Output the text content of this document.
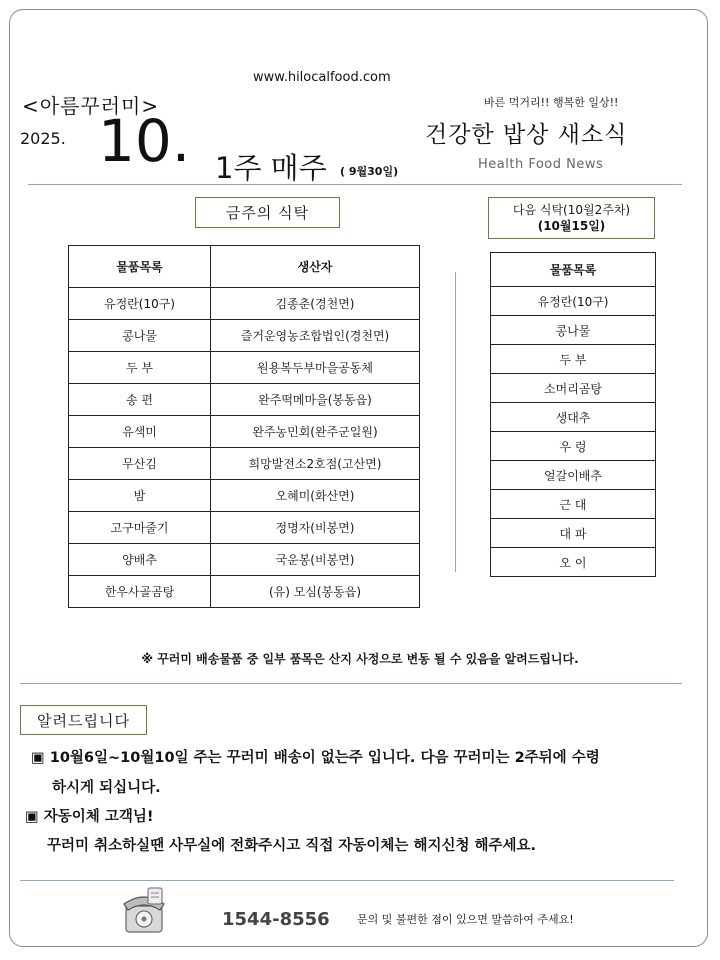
www.hilocalfood.com
<아름꾸러미>
2025. 10. 1주 매주 ( 9월30일)
바른 먹거리!! 행복한 일상!!
건강한 밥상 새소식
Health Food News
금주의 식탁	다음 식탁(10월2주차)
(10월15일)
물품목록	생산자
유정란(10구)	김종춘(경천면)
콩나물	즐거운영농조합법인(경천면)
두 부	원용복두부마을공동체
송 편	완주떡메마을(봉동읍)
유색미	완주농민회(완주군일원)
무산김	희망발전소2호점(고산면)
밤	오혜미(화산면)
고구마줄기	정명자(비봉면)
양배추	국운봉(비봉면)
한우사골곰탕	(유) 모심(봉동읍)
물품목록
유정란(10구)
콩나물
두 부
소머리곰탕
생대추
우 렁
얼갈이배추
근 대
대 파
오 이
※ 꾸러미 배송물품 중 일부 품목은 산지 사정으로 변동 될 수 있음을 알려드립니다.
알려드립니다
▣ 10월6일~10월10일 주는 꾸러미 배송이 없는주 입니다. 다음 꾸러미는 2주뒤에 수령
하시게 되십니다.
▣ 자동이체 고객님!
꾸러미 취소하실땐 사무실에 전화주시고 직접 자동이체는 해지신청 해주세요.
1544-8556 문의 및 불편한 점이 있으면 말씀하여 주세요!
